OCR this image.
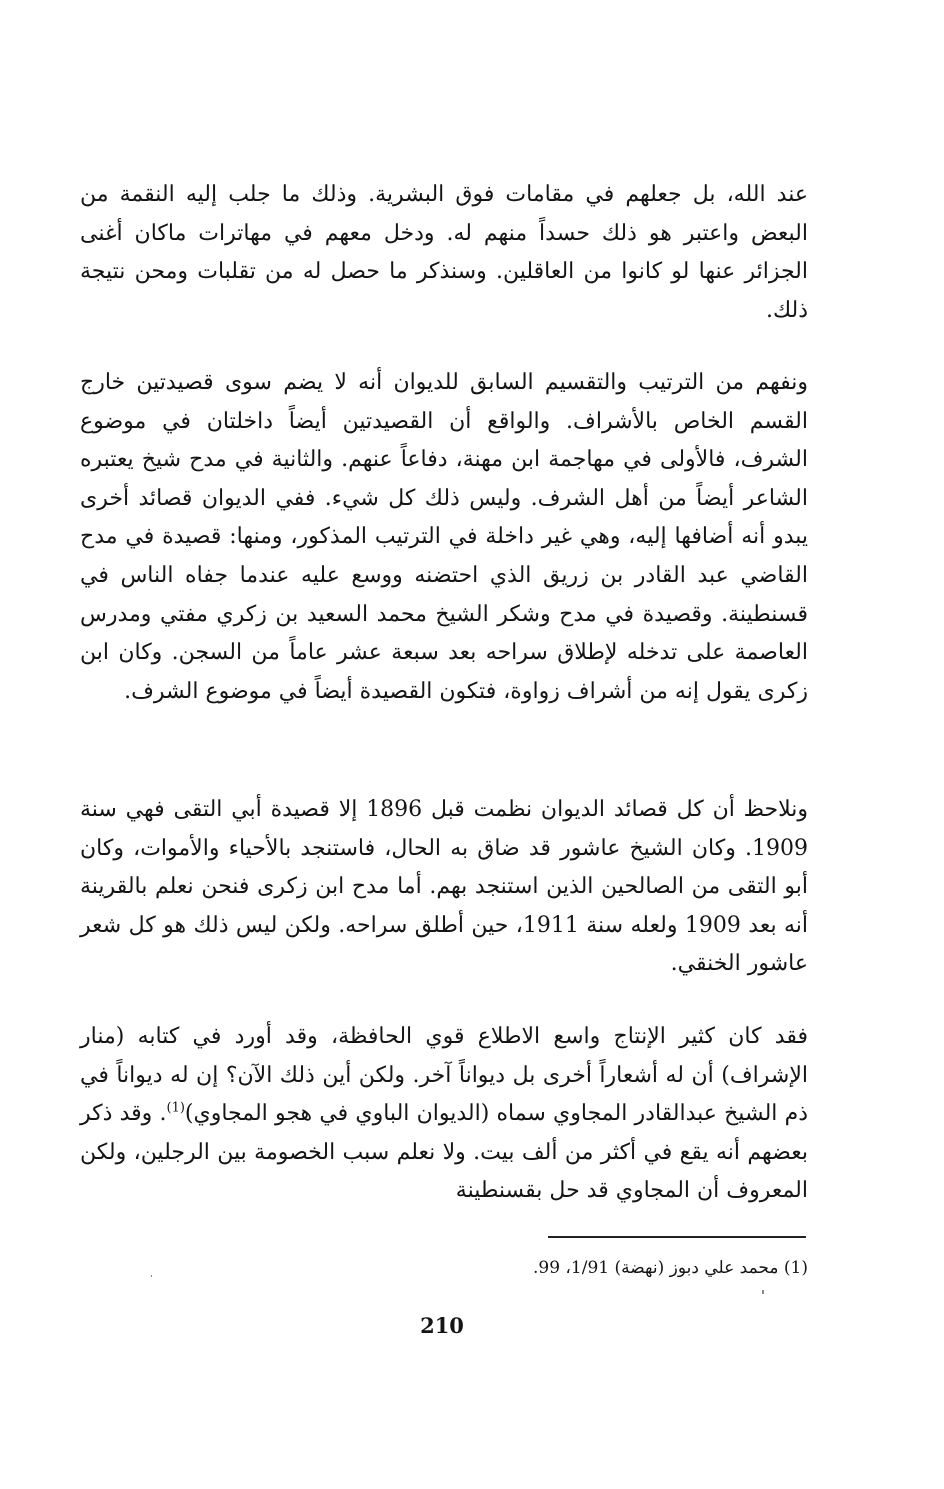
عند الله، بل جعلهم في مقامات فوق البشرية. وذلك ما جلب إليه النقمة من البعض واعتبر هو ذلك حسداً منهم له. ودخل معهم في مهاترات ماكان أغنى الجزائر عنها لو كانوا من العاقلين. وسنذكر ما حصل له من تقلبات ومحن نتيجة ذلك.

ونفهم من الترتيب والتقسيم السابق للديوان أنه لا يضم سوى قصيدتين خارج القسم الخاص بالأشراف. والواقع أن القصيدتين أيضاً داخلتان في موضوع الشرف، فالأولى في مهاجمة ابن مهنة، دفاعاً عنهم. والثانية في مدح شيخ يعتبره الشاعر أيضاً من أهل الشرف. وليس ذلك كل شيء. ففي الديوان قصائد أخرى يبدو أنه أضافها إليه، وهي غير داخلة في الترتيب المذكور، ومنها: قصيدة في مدح القاضي عبد القادر بن زريق الذي احتضنه ووسع عليه عندما جفاه الناس في قسنطينة. وقصيدة في مدح وشكر الشيخ محمد السعيد بن زكري مفتي ومدرس العاصمة على تدخله لإطلاق سراحه بعد سبعة عشر عاماً من السجن. وكان ابن زكرى يقول إنه من أشراف زواوة، فتكون القصيدة أيضاً في موضوع الشرف.

ونلاحظ أن كل قصائد الديوان نظمت قبل 1896 إلا قصيدة أبي التقى فهي سنة 1909. وكان الشيخ عاشور قد ضاق به الحال، فاستنجد بالأحياء والأموات، وكان أبو التقى من الصالحين الذين استنجد بهم. أما مدح ابن زكرى فنحن نعلم بالقرينة أنه بعد 1909 ولعله سنة 1911، حين أطلق سراحه. ولكن ليس ذلك هو كل شعر عاشور الخنقي.

فقد كان كثير الإنتاج واسع الاطلاع قوي الحافظة، وقد أورد في كتابه (منار الإشراف) أن له أشعاراً أخرى بل ديواناً آخر. ولكن أين ذلك الآن؟ إن له ديواناً في ذم الشيخ عبدالقادر المجاوي سماه (الديوان الباوي في هجو المجاوي)$^{(1)}$. وقد ذكر بعضهم أنه يقع في أكثر من ألف بيت. ولا نعلم سبب الخصومة بين الرجلين، ولكن المعروف أن المجاوي قد حل بقسنطينة

(1) محمد علي دبوز (نهضة) 1/91، 99.

210
